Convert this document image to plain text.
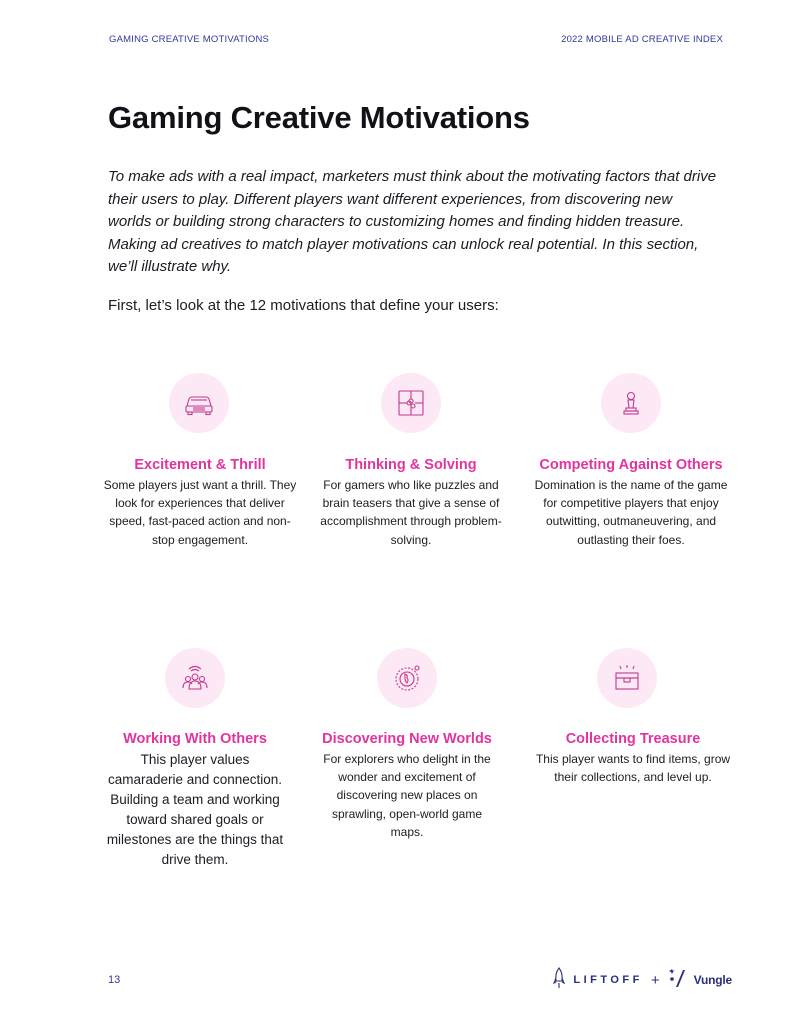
GAMING CREATIVE MOTIVATIONS	2022 MOBILE AD CREATIVE INDEX
Gaming Creative Motivations

To make ads with a real impact, marketers must think about the motivating factors that drive their users to play. Different players want different experiences, from discovering new worlds or building strong characters to customizing homes and finding hidden treasure. Making ad creatives to match player motivations can unlock real potential. In this section, we’ll illustrate why.

First, let’s look at the 12 motivations that define your users:

Excitement & Thrill
Some players just want a thrill. They look for experiences that deliver speed, fast-paced action and non-stop engagement.
Thinking & Solving
For gamers who like puzzles and brain teasers that give a sense of accomplishment through problem-solving.
Competing Against Others
Domination is the name of the game for competitive players that enjoy outwitting, outmaneuvering, and outlasting their foes.
Working With Others
This player values camaraderie and connection. Building a team and working toward shared goals or milestones are the things that drive them.
Discovering New Worlds
For explorers who delight in the wonder and excitement of discovering new places on sprawling, open-world game maps.
Collecting Treasure
This player wants to find items, grow their collections, and level up.
13	LIFTOFF +	Vungle
